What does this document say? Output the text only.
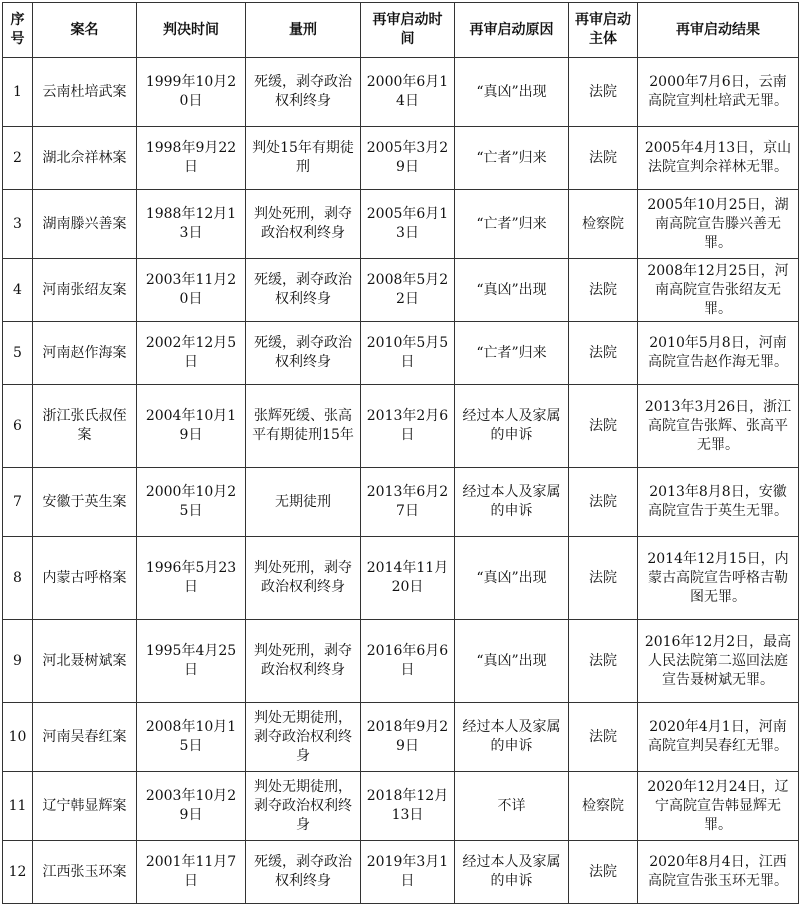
序号	案名	判决时间	量刑	再审启动时间	再审启动原因	再审启动主体	再审启动结果
1	云南杜培武案	1999年10月20日	死缓，剥夺政治权利终身	2000年6月14日	“真凶”出现	法院	2000年7月6日，云南高院宣判杜培武无罪。
2	湖北佘祥林案	1998年9月22日	判处15年有期徒刑	2005年3月29日	“亡者”归来	法院	2005年4月13日，京山法院宣判佘祥林无罪。
3	湖南滕兴善案	1988年12月13日	判处死刑，剥夺政治权利终身	2005年6月13日	“亡者”归来	检察院	2005年10月25日，湖南高院宣告滕兴善无罪。
4	河南张绍友案	2003年11月20日	死缓，剥夺政治权利终身	2008年5月22日	“真凶”出现	法院	2008年12月25日，河南高院宣告张绍友无罪。
5	河南赵作海案	2002年12月5日	死缓，剥夺政治权利终身	2010年5月5日	“亡者”归来	法院	2010年5月8日，河南高院宣告赵作海无罪。
6	浙江张氏叔侄案	2004年10月19日	张辉死缓、张高平有期徒刑15年	2013年2月6日	经过本人及家属的申诉	法院	2013年3月26日，浙江高院宣告张辉、张高平无罪。
7	安徽于英生案	2000年10月25日	无期徒刑	2013年6月27日	经过本人及家属的申诉	法院	2013年8月8日，安徽高院宣告于英生无罪。
8	内蒙古呼格案	1996年5月23日	判处死刑，剥夺政治权利终身	2014年11月20日	“真凶”出现	法院	2014年12月15日，内蒙古高院宣告呼格吉勒图无罪。
9	河北聂树斌案	1995年4月25日	判处死刑，剥夺政治权利终身	2016年6月6日	“真凶”出现	法院	2016年12月2日，最高人民法院第二巡回法庭宣告聂树斌无罪。
10	河南吴春红案	2008年10月15日	判处无期徒刑，剥夺政治权利终身	2018年9月29日	经过本人及家属的申诉	法院	2020年4月1日，河南高院宣判吴春红无罪。
11	辽宁韩显辉案	2003年10月29日	判处无期徒刑，剥夺政治权利终身	2018年12月13日	不详	检察院	2020年12月24日，辽宁高院宣告韩显辉无罪。
12	江西张玉环案	2001年11月7日	死缓，剥夺政治权利终身	2019年3月1日	经过本人及家属的申诉	法院	2020年8月4日，江西高院宣告张玉环无罪。
